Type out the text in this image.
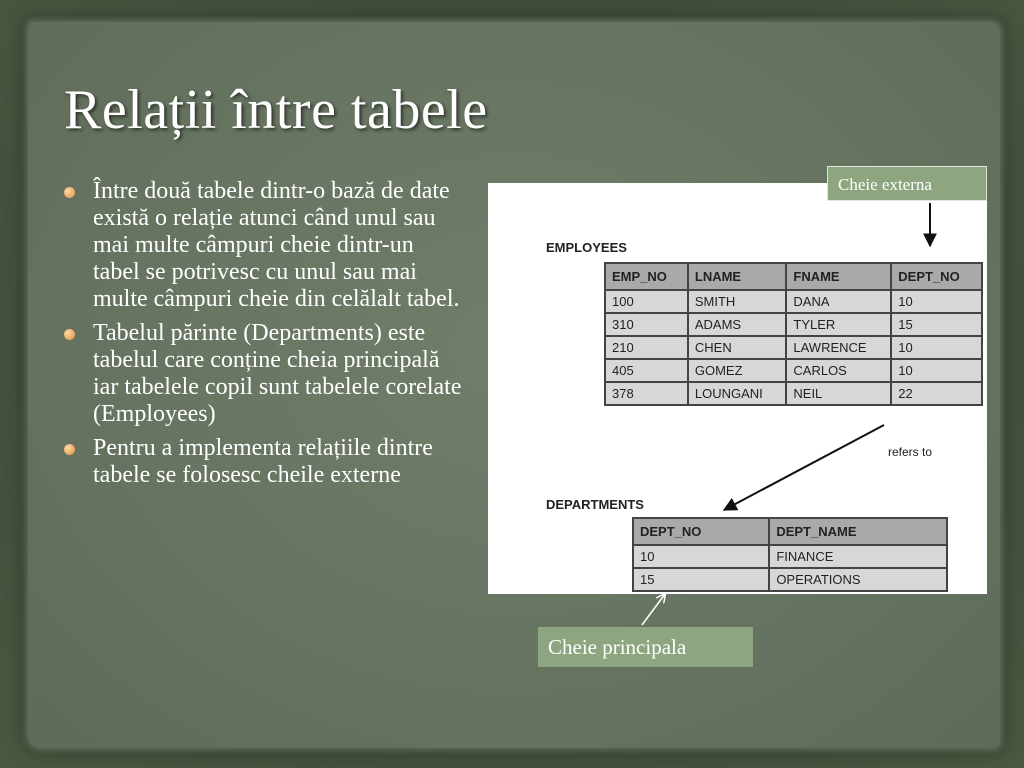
Relații între tabele
Între două tabele dintr-o bază de date există o relație atunci când unul sau mai multe câmpuri cheie dintr-un tabel se potrivesc cu unul sau mai multe câmpuri cheie din celălalt tabel.
Tabelul părinte (Departments) este tabelul care conține cheia principală iar tabelele copil sunt tabelele corelate (Employees)
Pentru a implementa relațiile dintre tabele se folosesc cheile externe
EMPLOYEES
EMP_NO	LNAME	FNAME	DEPT_NO
100	SMITH	DANA	10
310	ADAMS	TYLER	15
210	CHEN	LAWRENCE	10
405	GOMEZ	CARLOS	10
378	LOUNGANI	NEIL	22
refers to
DEPARTMENTS
DEPT_NO	DEPT_NAME
10	FINANCE
15	OPERATIONS
Cheie externa
Cheie principala
